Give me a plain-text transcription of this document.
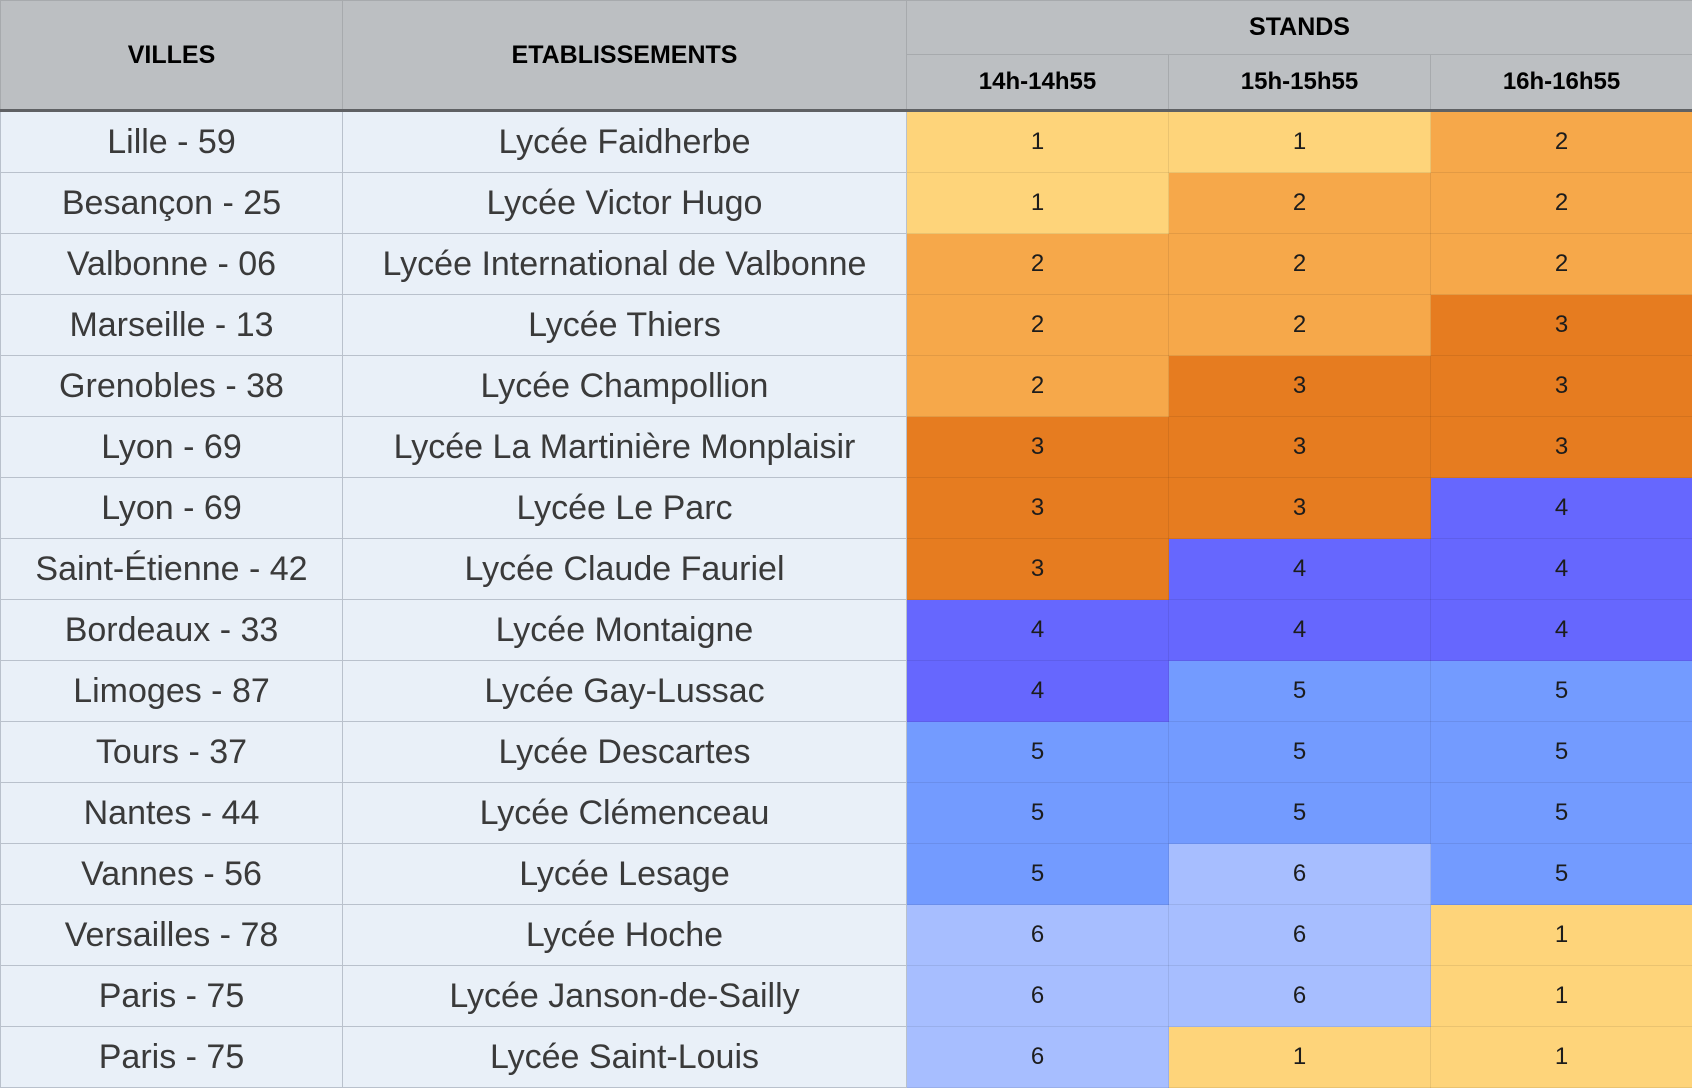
VILLES	ETABLISSEMENTS	STANDS		
		14h-14h55	15h-15h55	16h-16h55
Lille - 59	Lycée Faidherbe	1	1	2
Besançon - 25	Lycée Victor Hugo	1	2	2
Valbonne - 06	Lycée International de Valbonne	2	2	2
Marseille - 13	Lycée Thiers	2	2	3
Grenobles - 38	Lycée Champollion	2	3	3
Lyon - 69	Lycée La Martinière Monplaisir	3	3	3
Lyon - 69	Lycée Le Parc	3	3	4
Saint-Étienne - 42	Lycée Claude Fauriel	3	4	4
Bordeaux - 33	Lycée Montaigne	4	4	4
Limoges - 87	Lycée Gay-Lussac	4	5	5
Tours - 37	Lycée Descartes	5	5	5
Nantes - 44	Lycée Clémenceau	5	5	5
Vannes - 56	Lycée Lesage	5	6	5
Versailles - 78	Lycée Hoche	6	6	1
Paris - 75	Lycée Janson-de-Sailly	6	6	1
Paris - 75	Lycée Saint-Louis	6	1	1
